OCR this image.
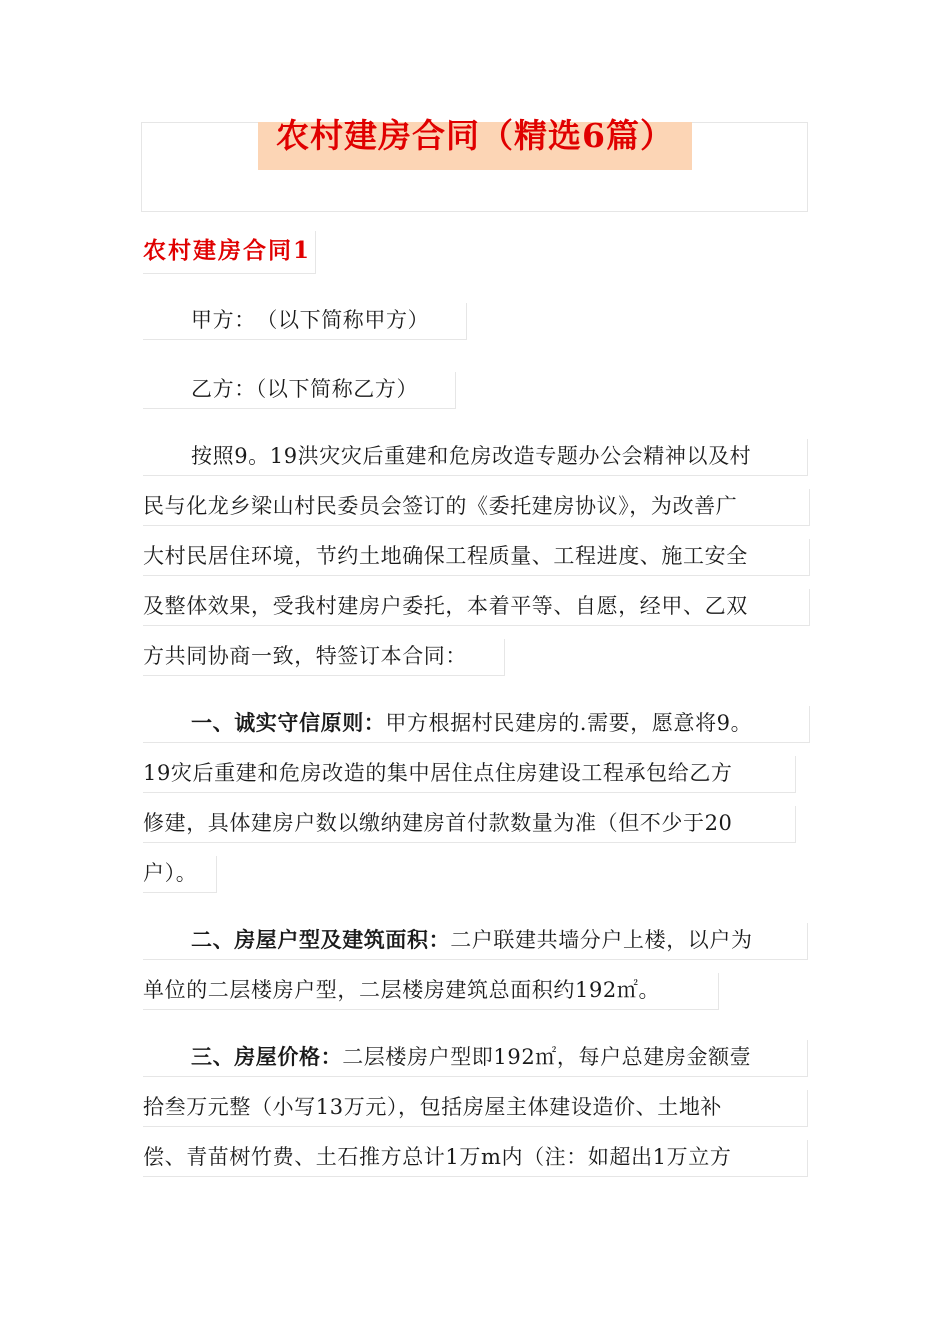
农村建房合同（精选6篇）
农村建房合同1
甲方：　（以下简称甲方）
乙方：（以下简称乙方）
按照9。19洪灾灾后重建和危房改造专题办公会精神以及村
民与化龙乡梁山村民委员会签订的《委托建房协议》，为改善广
大村民居住环境，节约土地确保工程质量、工程进度、施工安全
及整体效果，受我村建房户委托，本着平等、自愿，经甲、乙双
方共同协商一致，特签订本合同：
一、诚实守信原则：甲方根据村民建房的.需要，愿意将9。
19灾后重建和危房改造的集中居住点住房建设工程承包给乙方
修建，具体建房户数以缴纳建房首付款数量为准（但不少于20
户）。
二、房屋户型及建筑面积：二户联建共墙分户上楼，以户为
单位的二层楼房户型，二层楼房建筑总面积约192㎡。
三、房屋价格：二层楼房户型即192㎡，每户总建房金额壹
拾叁万元整（小写13万元），包括房屋主体建设造价、土地补
偿、青苗树竹费、土石推方总计1万m内（注：如超出1万立方
